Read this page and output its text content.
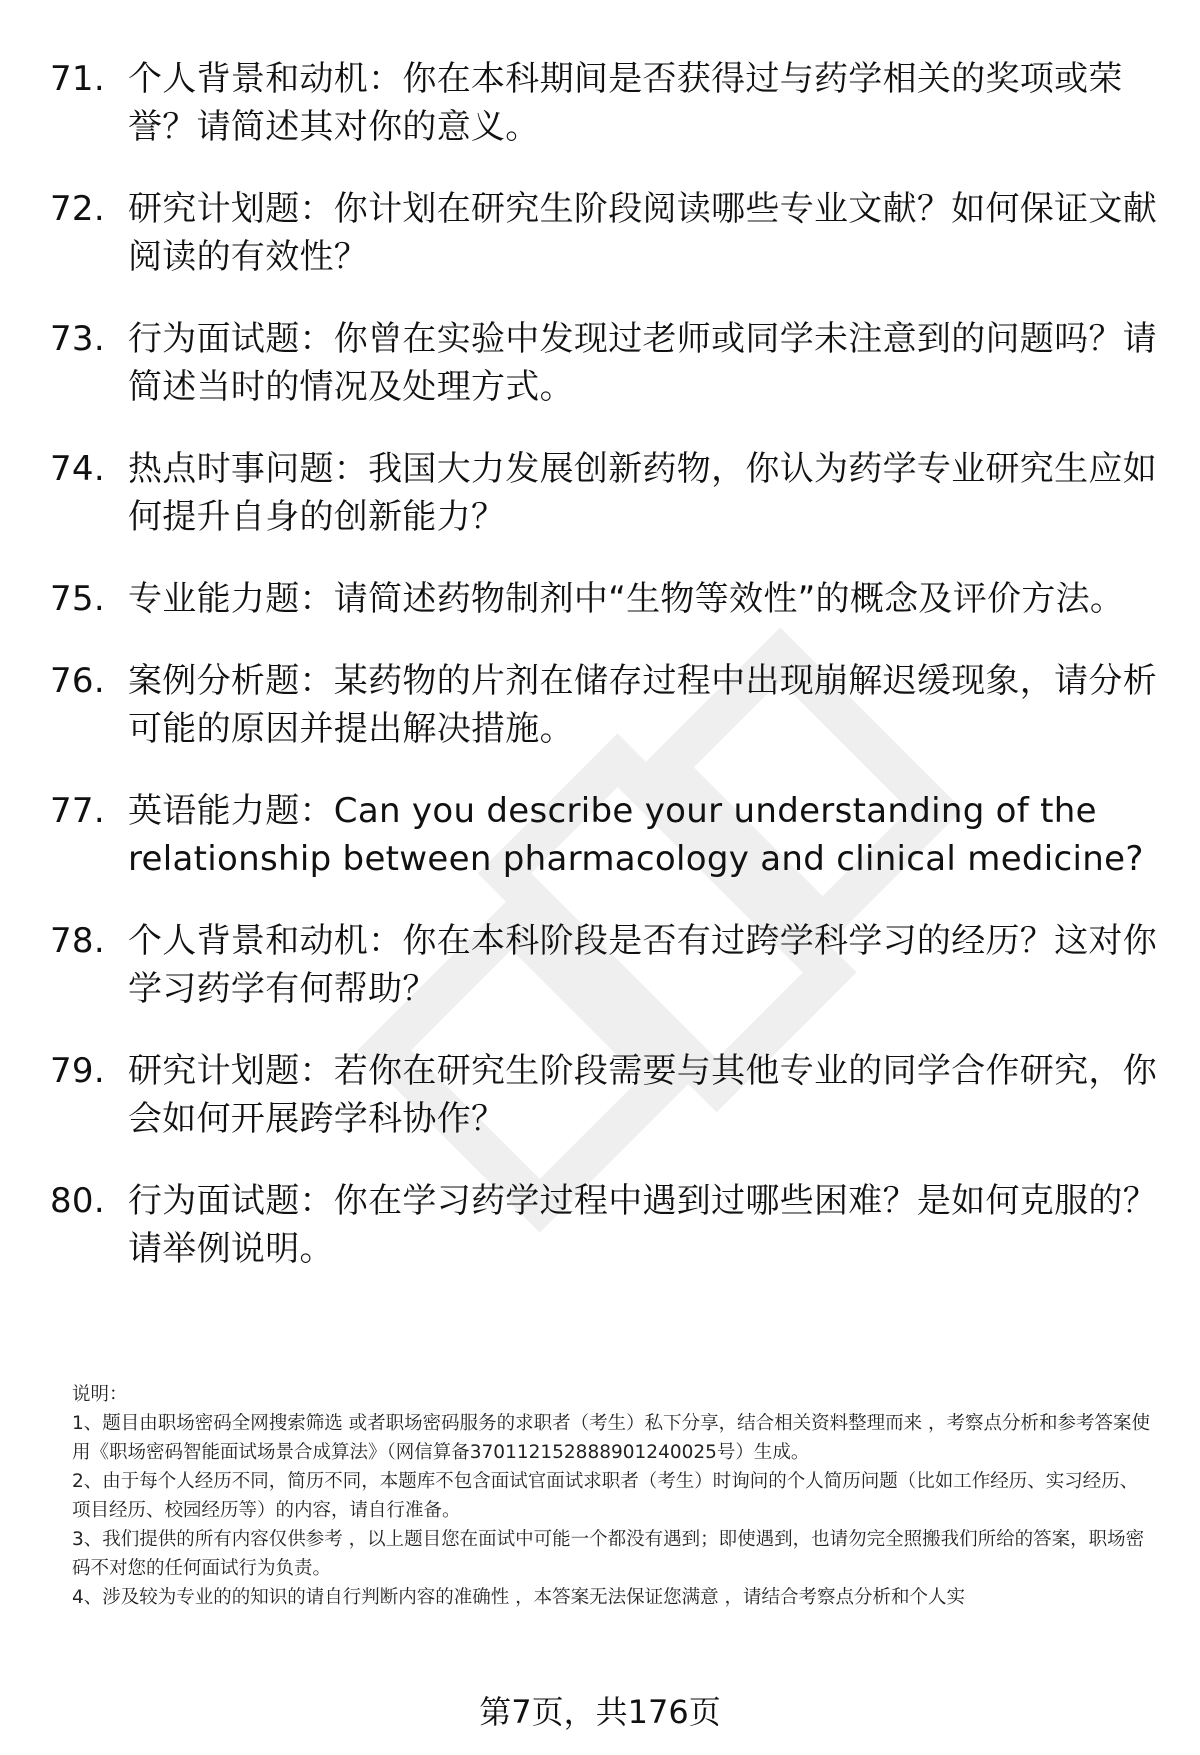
71. 个人背景和动机：你在本科期间是否获得过与药学相关的奖项或荣誉？请简述其对你的意义。
72. 研究计划题：你计划在研究生阶段阅读哪些专业文献？如何保证文献阅读的有效性？
73. 行为面试题：你曾在实验中发现过老师或同学未注意到的问题吗？请简述当时的情况及处理方式。
74. 热点时事问题：我国大力发展创新药物，你认为药学专业研究生应如何提升自身的创新能力？
75. 专业能力题：请简述药物制剂中“生物等效性”的概念及评价方法。
76. 案例分析题：某药物的片剂在储存过程中出现崩解迟缓现象，请分析可能的原因并提出解决措施。
77. 英语能力题：Can you describe your understanding of the relationship between pharmacology and clinical medicine?
78. 个人背景和动机：你在本科阶段是否有过跨学科学习的经历？这对你学习药学有何帮助？
79. 研究计划题：若你在研究生阶段需要与其他专业的同学合作研究，你会如何开展跨学科协作？
80. 行为面试题：你在学习药学过程中遇到过哪些困难？是如何克服的？请举例说明。

说明：

1、题目由职场密码全网搜索筛选 或者职场密码服务的求职者（考生）私下分享，结合相关资料整理而来 ，考察点分析和参考答案使用《职场密码智能面试场景合成算法》（网信算备370112152888901240025号）生成。

2、由于每个人经历不同，简历不同，本题库不包含面试官面试求职者（考生）时询问的个人简历问题（比如工作经历、实习经历、项目经历、校园经历等）的内容，请自行准备。

3、我们提供的所有内容仅供参考 ，以上题目您在面试中可能一个都没有遇到；即使遇到，也请勿完全照搬我们所给的答案，职场密码不对您的任何面试行为负责。

4、涉及较为专业的的知识的请自行判断内容的准确性 ，本答案无法保证您满意 ，请结合考察点分析和个人实

第7页，共176页
